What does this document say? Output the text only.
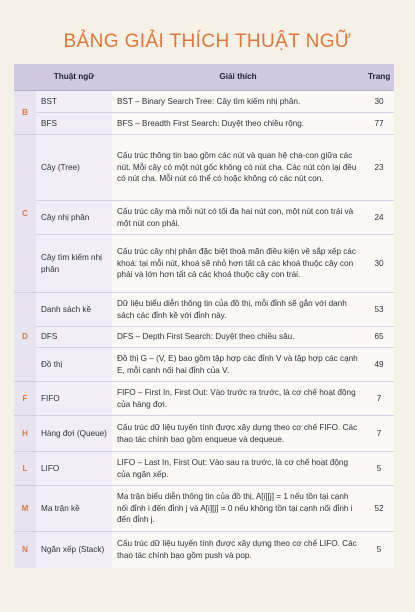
BẢNG GIẢI THÍCH THUẬT NGỮ
	Thuật ngữ	Giải thích	Trang
B	BST	BST – Binary Search Tree: Cây tìm kiếm nhị phân.	30
	BFS	BFS – Breadth First Search: Duyệt theo chiều rộng.	77
C	Cây (Tree)	Cấu trúc thông tin bao gồm các nút và quan hệ cha-con giữa các nút. Mỗi cây có một nút gốc không có nút cha. Các nút còn lại đều có nút cha. Mỗi nút có thể có hoặc không có các nút con.	23
	Cây nhị phân	Cấu trúc cây mà mỗi nút có tối đa hai nút con, một nút con trái và một nút con phải.	24
	Cây tìm kiếm nhị phân	Cấu trúc cây nhị phân đặc biệt thoả mãn điều kiện về sắp xếp các khoá: tại mỗi nút, khoá sẽ nhỏ hơn tất cả các khoá thuộc cây con phải và lớn hơn tất cả các khoá thuộc cây con trái.	30
D	Danh sách kề	Dữ liệu biểu diễn thông tin của đồ thị, mỗi đỉnh sẽ gắn với danh sách các đỉnh kề với đỉnh này.	53
	DFS	DFS – Depth First Search: Duyệt theo chiều sâu.	65
	Đồ thị	Đồ thị G – (V, E) bao gồm tập hợp các đỉnh V và tập hợp các cạnh E, mỗi cạnh nối hai đỉnh của V.	49
F	FIFO	FIFO – First In, First Out: Vào trước ra trước, là cơ chế hoạt động của hàng đợi.	7
H	Hàng đợi (Queue)	Cấu trúc dữ liệu tuyến tính được xây dựng theo cơ chế FIFO. Các thao tác chính bao gồm enqueue và dequeue.	7
L	LIFO	LIFO – Last In, First Out: Vào sau ra trước, là cơ chế hoạt động của ngăn xếp.	5
M	Ma trận kề	Ma trận biểu diễn thông tin của đồ thị, A[i][j] = 1 nếu tồn tại cạnh nối đỉnh i đến đỉnh j và A[i][j] = 0 nếu không tồn tại cạnh nối đỉnh i đến đỉnh j.	52
N	Ngăn xếp (Stack)	Cấu trúc dữ liệu tuyến tính được xây dựng theo cơ chế LIFO. Các thao tác chính bao gồm push và pop.	5
